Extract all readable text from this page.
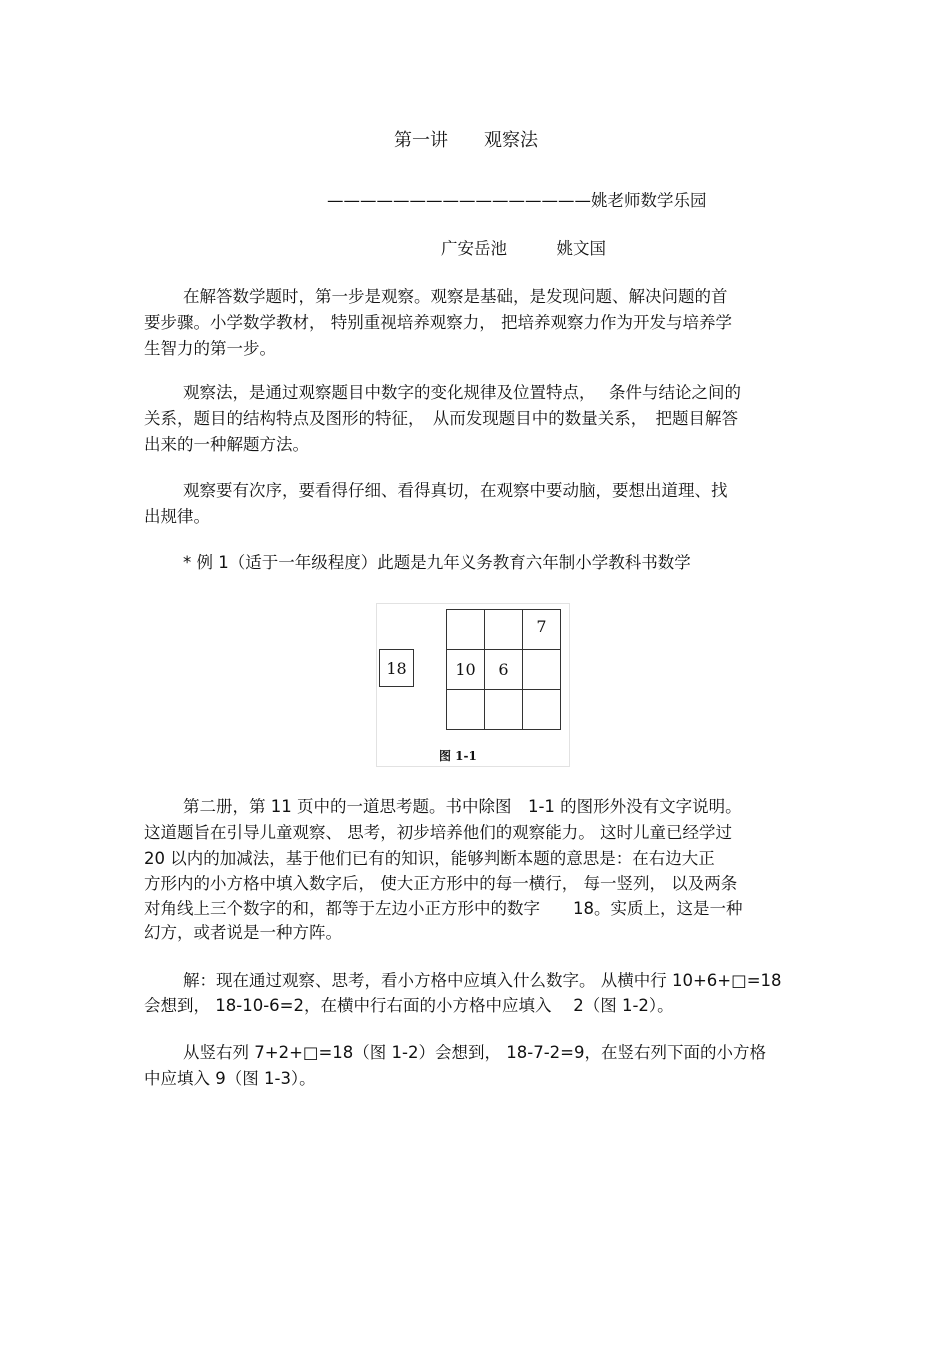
第一讲　　观察法
————————————————姚老师数学乐园
广安岳池　　　姚文国
在解答数学题时，第一步是观察。观察是基础，是发现问题、解决问题的首
要步骤。小学数学教材， 特别重视培养观察力， 把培养观察力作为开发与培养学
生智力的第一步。
观察法，是通过观察题目中数字的变化规律及位置特点，　 条件与结论之间的
关系，题目的结构特点及图形的特征，　从而发现题目中的数量关系，　把题目解答
出来的一种解题方法。
观察要有次序，要看得仔细、看得真切，在观察中要动脑，要想出道理、找
出规律。
* 例 1（适于一年级程度）此题是九年义务教育六年制小学教科书数学
18
7
10	6
图 1-1
第二册，第 11 页中的一道思考题。书中除图　1-1 的图形外没有文字说明。
这道题旨在引导儿童观察、 思考，初步培养他们的观察能力。 这时儿童已经学过
20 以内的加减法，基于他们已有的知识，能够判断本题的意思是：在右边大正
方形内的小方格中填入数字后， 使大正方形中的每一横行， 每一竖列， 以及两条
对角线上三个数字的和，都等于左边小正方形中的数字　　18。实质上，这是一种
幻方，或者说是一种方阵。
解：现在通过观察、思考，看小方格中应填入什么数字。 从横中行 10+6+□=18
会想到， 18-10-6=2，在横中行右面的小方格中应填入　 2（图 1-2）。
从竖右列 7+2+□=18（图 1-2）会想到， 18-7-2=9，在竖右列下面的小方格
中应填入 9（图 1-3）。
